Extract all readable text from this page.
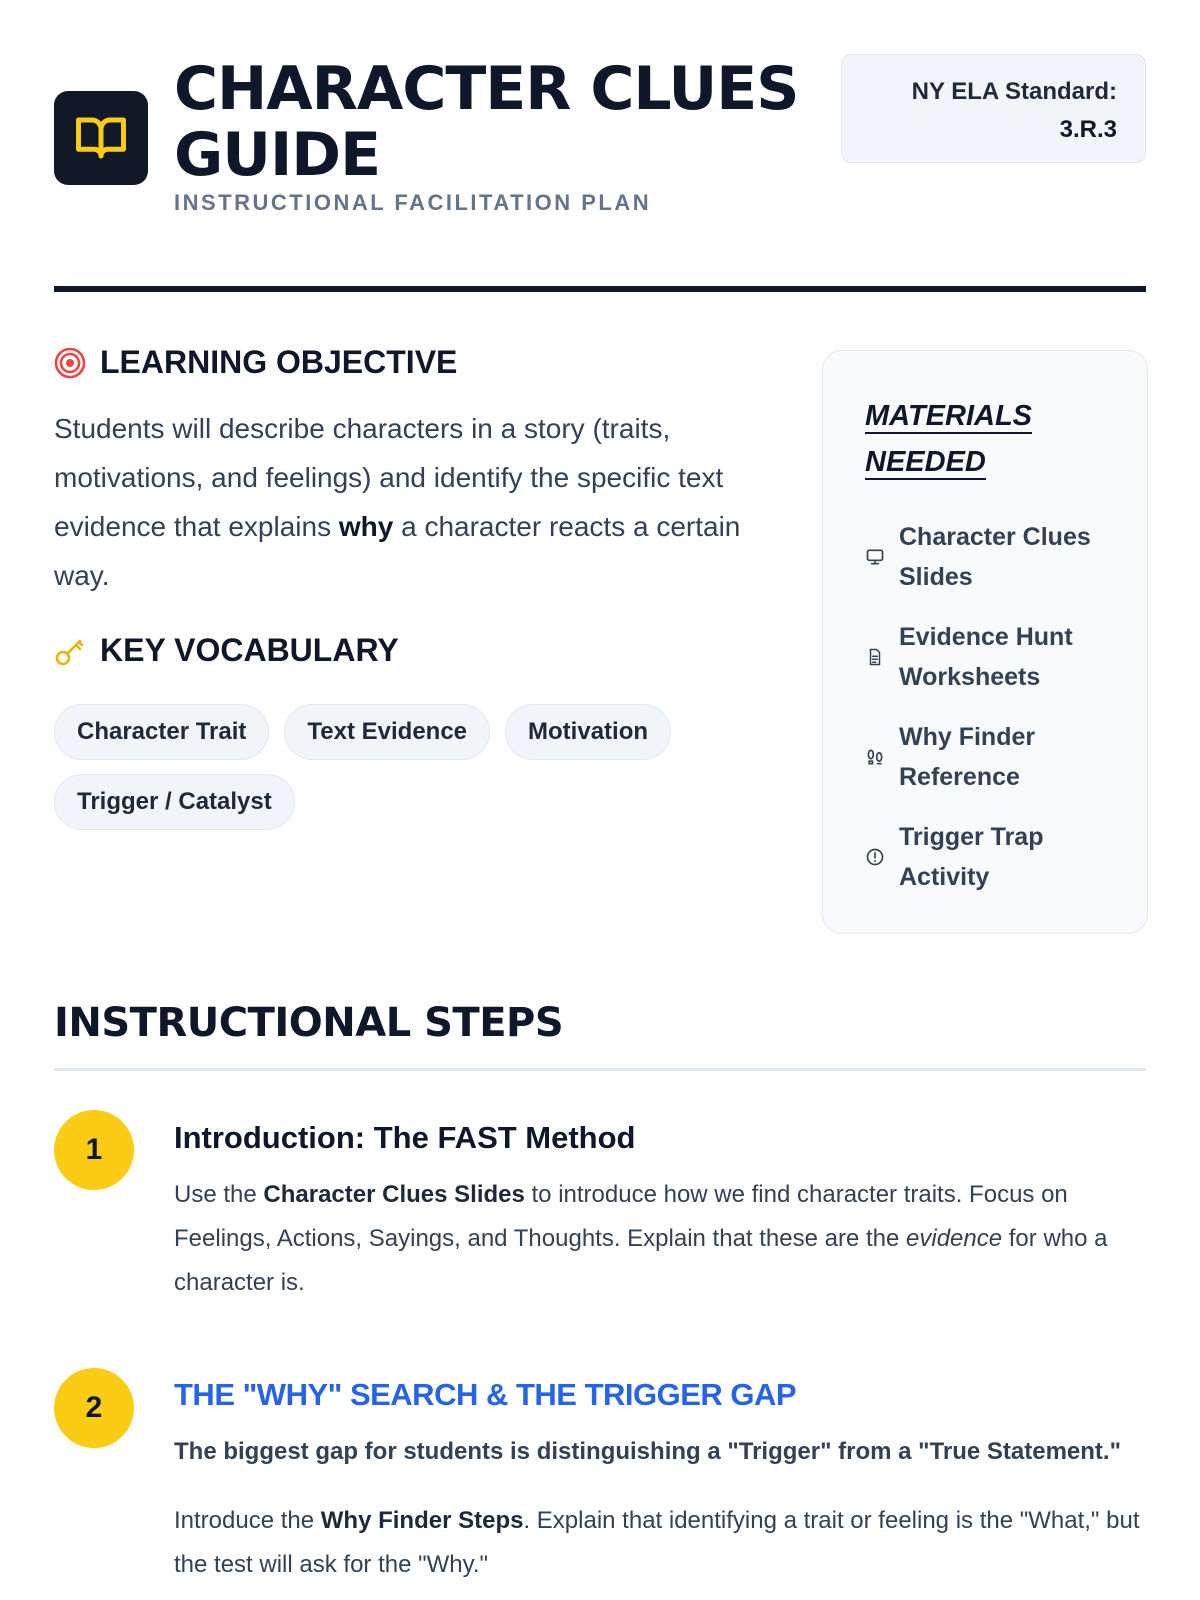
CHARACTER CLUES GUIDE
INSTRUCTIONAL FACILITATION PLAN
NY ELA Standard:
3.R.3
LEARNING OBJECTIVE
Students will describe characters in a story (traits, motivations, and feelings) and identify the specific text evidence that explains why a character reacts a certain way.
KEY VOCABULARY
Character Trait	Text Evidence	Motivation
Trigger / Catalyst
MATERIALS NEEDED
Character Clues Slides
Evidence Hunt Worksheets
Why Finder Reference
Trigger Trap Activity
INSTRUCTIONAL STEPS
1	Introduction: The FAST Method
Use the Character Clues Slides to introduce how we find character traits. Focus on Feelings, Actions, Sayings, and Thoughts. Explain that these are the evidence for who a character is.
2	THE "WHY" SEARCH & THE TRIGGER GAP
The biggest gap for students is distinguishing a "Trigger" from a "True Statement."
Introduce the Why Finder Steps. Explain that identifying a trait or feeling is the "What," but the test will ask for the "Why."
